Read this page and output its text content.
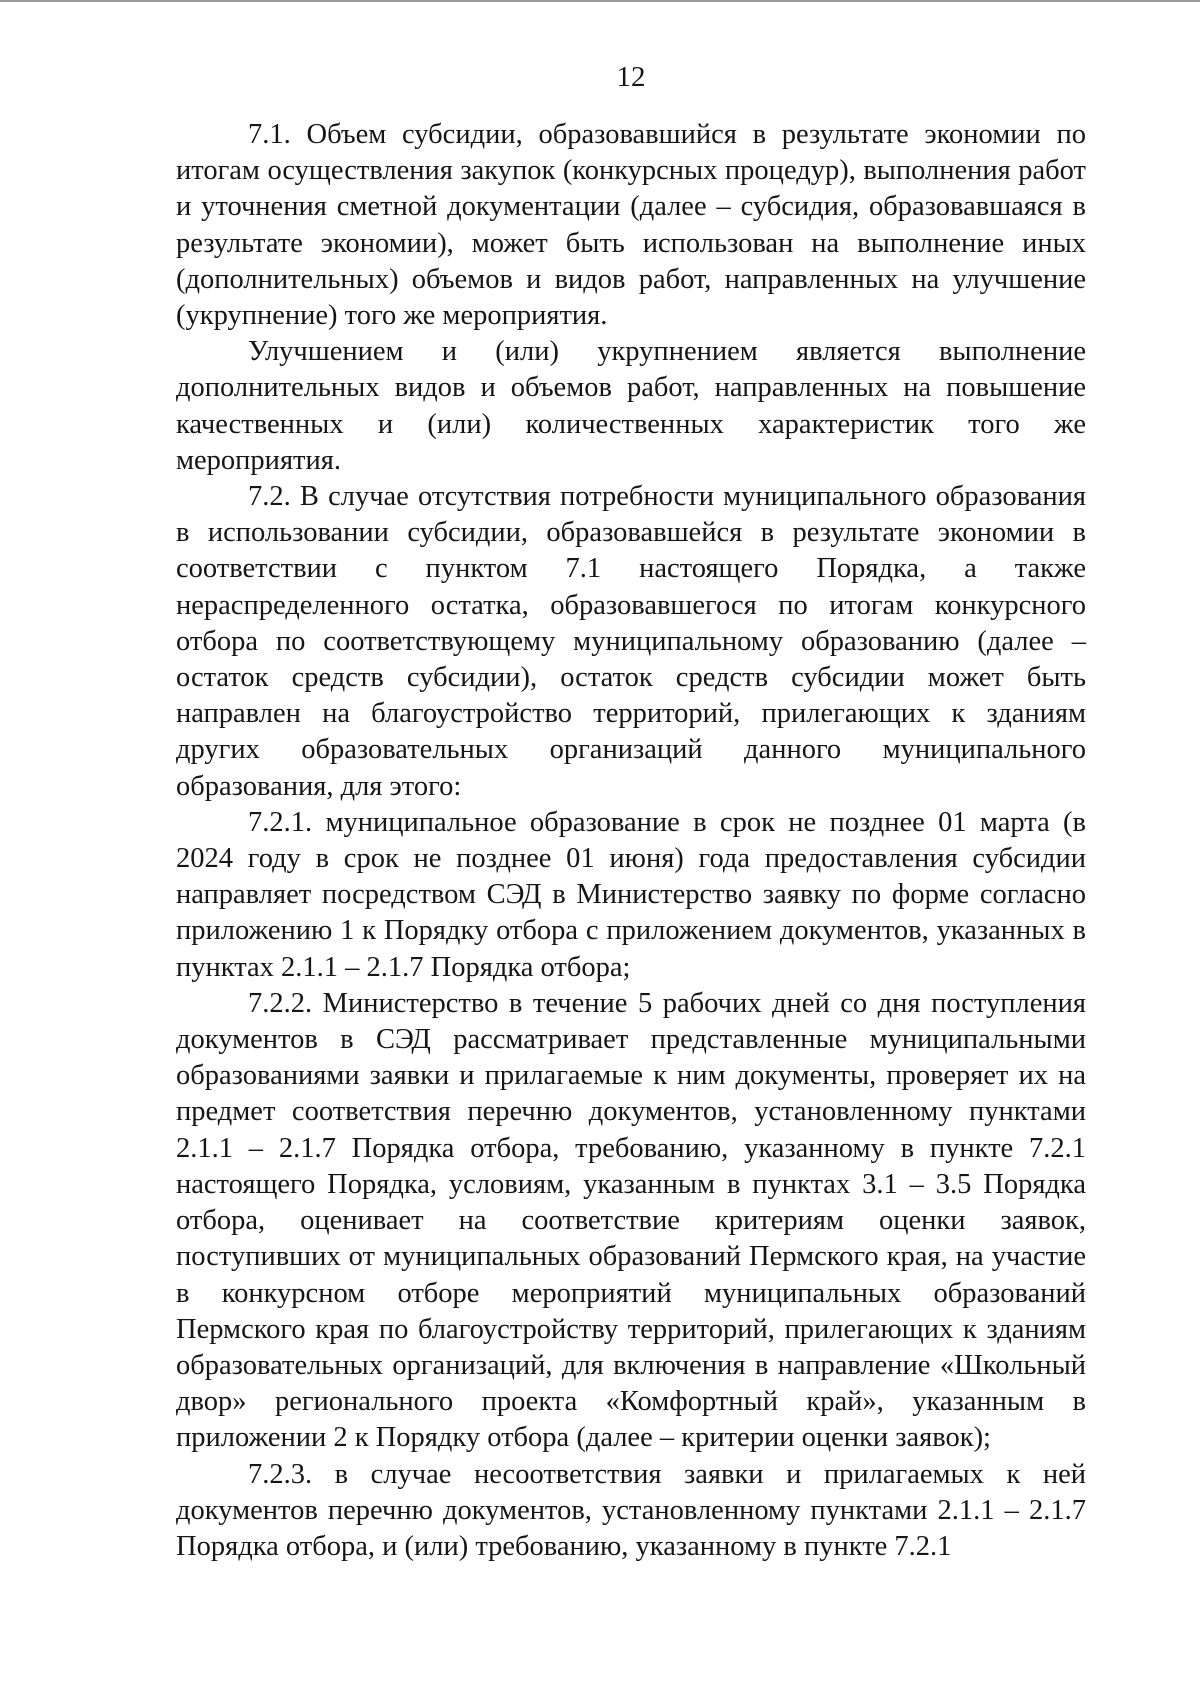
12

7.1. Объем субсидии, образовавшийся в результате экономии по итогам осуществления закупок (конкурсных процедур), выполнения работ и уточнения сметной документации (далее – субсидия, образовавшаяся в результате экономии), может быть использован на выполнение иных (дополнительных) объемов и видов работ, направленных на улучшение (укрупнение) того же мероприятия.

Улучшением и (или) укрупнением является выполнение дополнительных видов и объемов работ, направленных на повышение качественных и (или) количественных характеристик того же мероприятия.

7.2. В случае отсутствия потребности муниципального образования в использовании субсидии, образовавшейся в результате экономии в соответствии с пунктом 7.1 настоящего Порядка, а также нераспределенного остатка, образовавшегося по итогам конкурсного отбора по соответствующему муниципальному образованию (далее – остаток средств субсидии), остаток средств субсидии может быть направлен на благоустройство территорий, прилегающих к зданиям других образовательных организаций данного муниципального образования, для этого:

7.2.1. муниципальное образование в срок не позднее 01 марта (в 2024 году в срок не позднее 01 июня) года предоставления субсидии направляет посредством СЭД в Министерство заявку по форме согласно приложению 1 к Порядку отбора с приложением документов, указанных в пунктах 2.1.1 – 2.1.7 Порядка отбора;

7.2.2. Министерство в течение 5 рабочих дней со дня поступления документов в СЭД рассматривает представленные муниципальными образованиями заявки и прилагаемые к ним документы, проверяет их на предмет соответствия перечню документов, установленному пунктами 2.1.1 – 2.1.7 Порядка отбора, требованию, указанному в пункте 7.2.1 настоящего Порядка, условиям, указанным в пунктах 3.1 – 3.5 Порядка отбора, оценивает на соответствие критериям оценки заявок, поступивших от муниципальных образований Пермского края, на участие в конкурсном отборе мероприятий муниципальных образований Пермского края по благоустройству территорий, прилегающих к зданиям образовательных организаций, для включения в направление «Школьный двор» регионального проекта «Комфортный край», указанным в приложении 2 к Порядку отбора (далее – критерии оценки заявок);

7.2.3. в случае несоответствия заявки и прилагаемых к ней документов перечню документов, установленному пунктами 2.1.1 – 2.1.7 Порядка отбора, и (или) требованию, указанному в пункте 7.2.1
